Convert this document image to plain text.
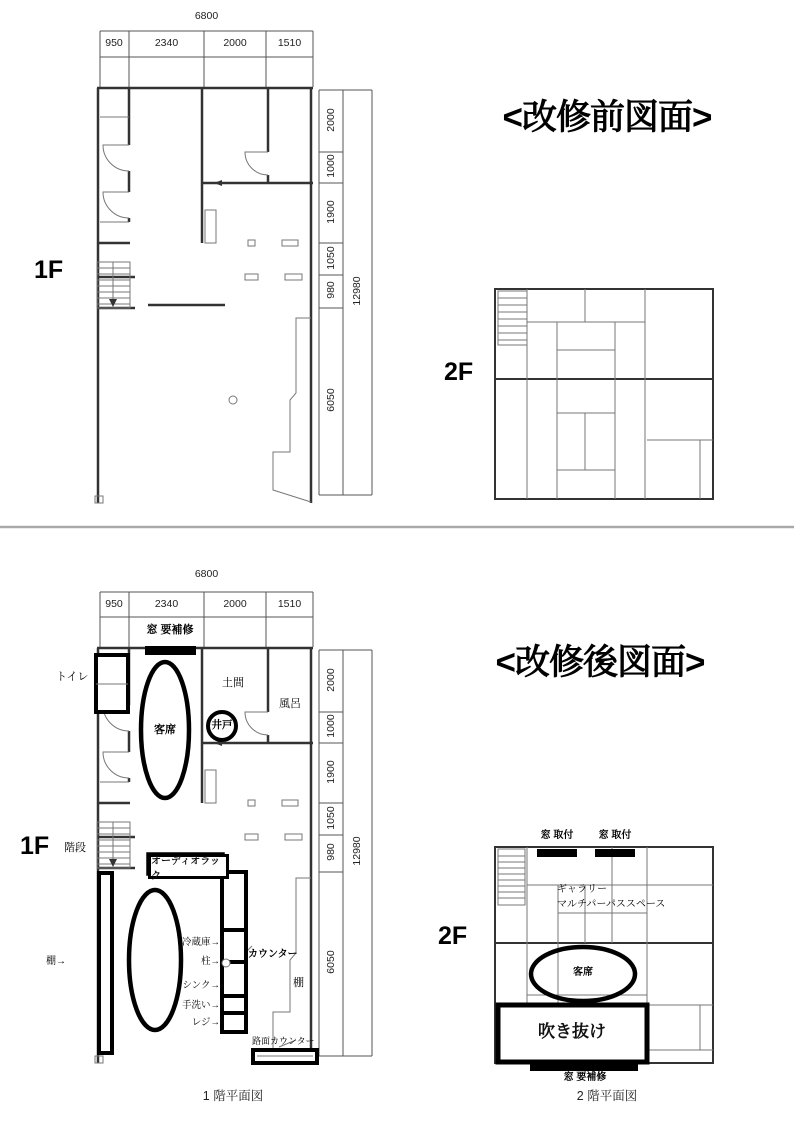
<改修前図面>
<改修後図面>
1F
2F
1F
2F
6800
950	2340	2000	1510
2000
1000
1900
1050
980
6050
12980
6800
950	2340	2000	1510
2000
1000
1900
1050
980
6050
12980
窓 要補修
トイレ
客席
土間
井戸
風呂
階段
棚→
オーディオラック
冷蔵庫→
柱→
シンク→
手洗い→
レジ→
カウンター
棚
路面カウンター
1 階平面図
窓 取付	窓 取付
ギャラリー
マルチパーパススペース
客席
吹き抜け
窓 要補修
2 階平面図
